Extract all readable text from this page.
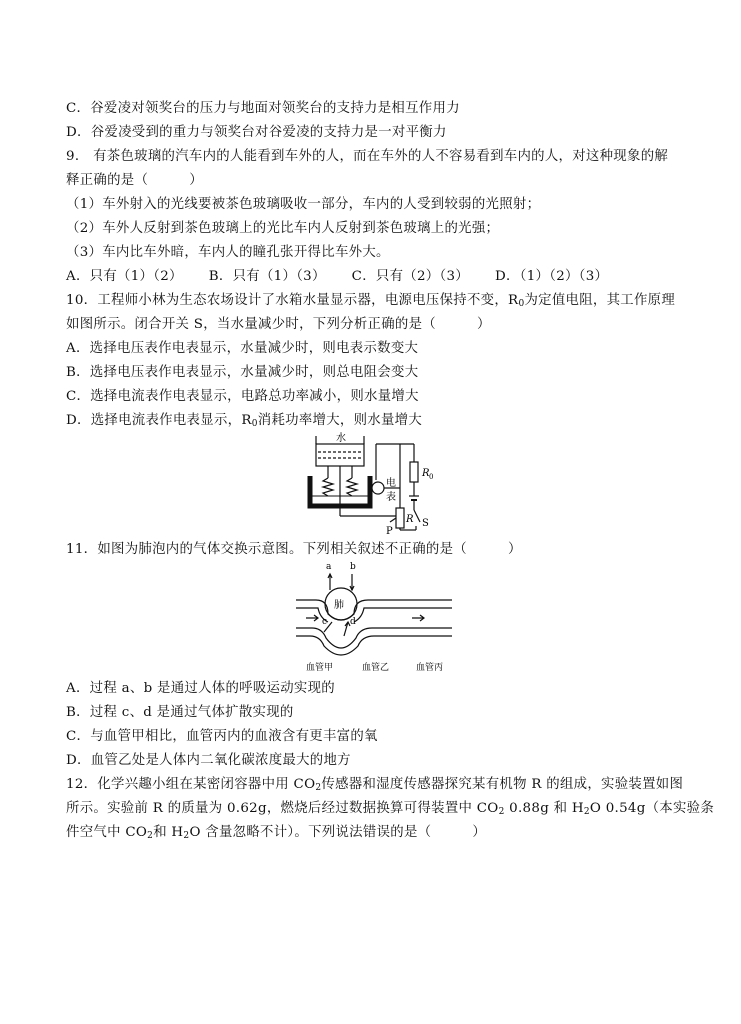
C．谷爱凌对领奖台的压力与地面对领奖台的支持力是相互作用力
D．谷爱凌受到的重力与领奖台对谷爱凌的支持力是一对平衡力
9． 有茶色玻璃的汽车内的人能看到车外的人，而在车外的人不容易看到车内的人，对这种现象的解
释正确的是（　　　）
（1）车外射入的光线要被茶色玻璃吸收一部分，车内的人受到较弱的光照射；
（2）车外人反射到茶色玻璃上的光比车内人反射到茶色玻璃上的光强；
（3）车内比车外暗，车内人的瞳孔张开得比车外大。
A．只有（1）（2） B．只有（1）（3） C．只有（2）（3） D．（1）（2）（3）
10．工程师小林为生态农场设计了水箱水量显示器，电源电压保持不变，$R_0$为定值电阻，其工作原理
如图所示。闭合开关 S，当水量减少时，下列分析正确的是（　　　）
A．选择电压表作电表显示，水量减少时，则电表示数变大
B．选择电压表作电表显示，水量减少时，则总电阻会变大
C．选择电流表作电表显示，电路总功率减小，则水量增大
D．选择电流表作电表显示，$R_0$消耗功率增大，则水量增大
水
电
表
R 0
R S
P
11．如图为肺泡内的气体交换示意图。下列相关叙述不正确的是（　　　）
a b
肺
c	d
血管甲	血管乙	血管丙
A．过程 a、b 是通过人体的呼吸运动实现的
B．过程 c、d 是通过气体扩散实现的
C．与血管甲相比，血管丙内的血液含有更丰富的氧
D．血管乙处是人体内二氧化碳浓度最大的地方
12．化学兴趣小组在某密闭容器中用 $CO_2$传感器和湿度传感器探究某有机物 R 的组成，实验装置如图
所示。实验前 R 的质量为 0.62g，燃烧后经过数据换算可得装置中 $CO_2$ 0.88g 和 $H_2O$ 0.54g（本实验条
件空气中 $CO_2$和 $H_2O$ 含量忽略不计）。下列说法错误的是（　　　）
